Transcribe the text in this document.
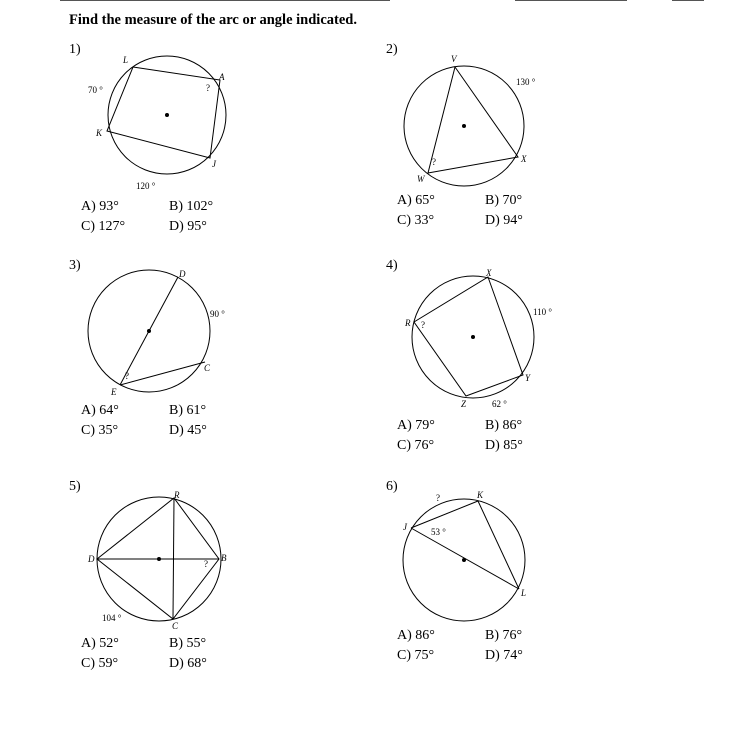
Find the measure of the arc or angle indicated.
1)
L
A
K
J
70 °
120 °
?
A) 93°	B) 102°
C) 127°	D) 95°
2)
V
W
X
130 °
?
A) 65°	B) 70°
C) 33°	D) 94°
3)
D
C
E
90 °
?
A) 64°	B) 61°
C) 35°	D) 45°
4)	X
R
Y
Z
110 °
62 °
?
A) 79°	B) 86°
C) 76°	D) 85°
5)
R
D	B
C
104 °
?
A) 52°	B) 55°
C) 59°	D) 68°
6)
K
J
L
53 °
?
A) 86°	B) 76°
C) 75°	D) 74°
